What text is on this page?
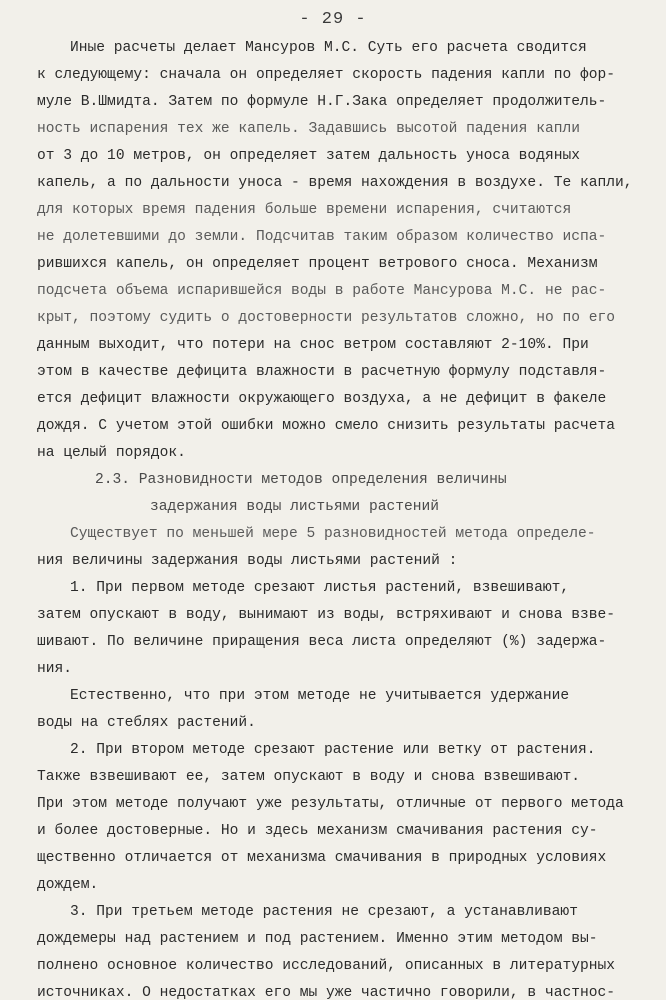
- 29 -
Иные расчеты делает Мансуров М.С. Суть его расчета сводится
к следующему: сначала он определяет скорость падения капли по фор-
муле В.Шмидта. Затем по формуле Н.Г.Зака определяет продолжитель-
ность испарения тех же капель. Задавшись высотой падения капли
от 3 до 10 метров, он определяет затем дальность уноса водяных
капель, а по дальности уноса - время нахождения в воздухе. Те капли,
для которых время падения больше времени испарения, считаются
не долетевшими до земли. Подсчитав таким образом количество испа-
рившихся капель, он определяет процент ветрового сноса. Механизм
подсчета объема испарившейся воды в работе Мансурова М.С. не рас-
крыт, поэтому судить о достоверности результатов сложно, но по его
данным выходит, что потери на снос ветром составляют 2-10%. При
этом в качестве дефицита влажности в расчетную формулу подставля-
ется дефицит влажности окружающего воздуха, а не дефицит в факеле
дождя. С учетом этой ошибки можно смело снизить результаты расчета
на целый порядок.
2.3. Разновидности методов определения величины
задержания воды листьями растений
Существует по меньшей мере 5 разновидностей метода определе-
ния величины задержания воды листьями растений :
1. При первом методе срезают листья растений, взвешивают,
затем опускают в воду, вынимают из воды, встряхивают и снова взве-
шивают. По величине приращения веса листа определяют (%) задержа-
ния.
Естественно, что при этом методе не учитывается удержание
воды на стеблях растений.
2. При втором методе срезают растение или ветку от растения.
Также взвешивают ее, затем опускают в воду и снова взвешивают.
При этом методе получают уже результаты, отличные от первого метода
и более достоверные. Но и здесь механизм смачивания растения су-
щественно отличается от механизма смачивания в природных условиях
дождем.
3. При третьем методе растения не срезают, а устанавливают
дождемеры над растением и под растением. Именно этим методом вы-
полнено основное количество исследований, описанных в литературных
источниках. О недостатках его мы уже частично говорили, в частнос-
